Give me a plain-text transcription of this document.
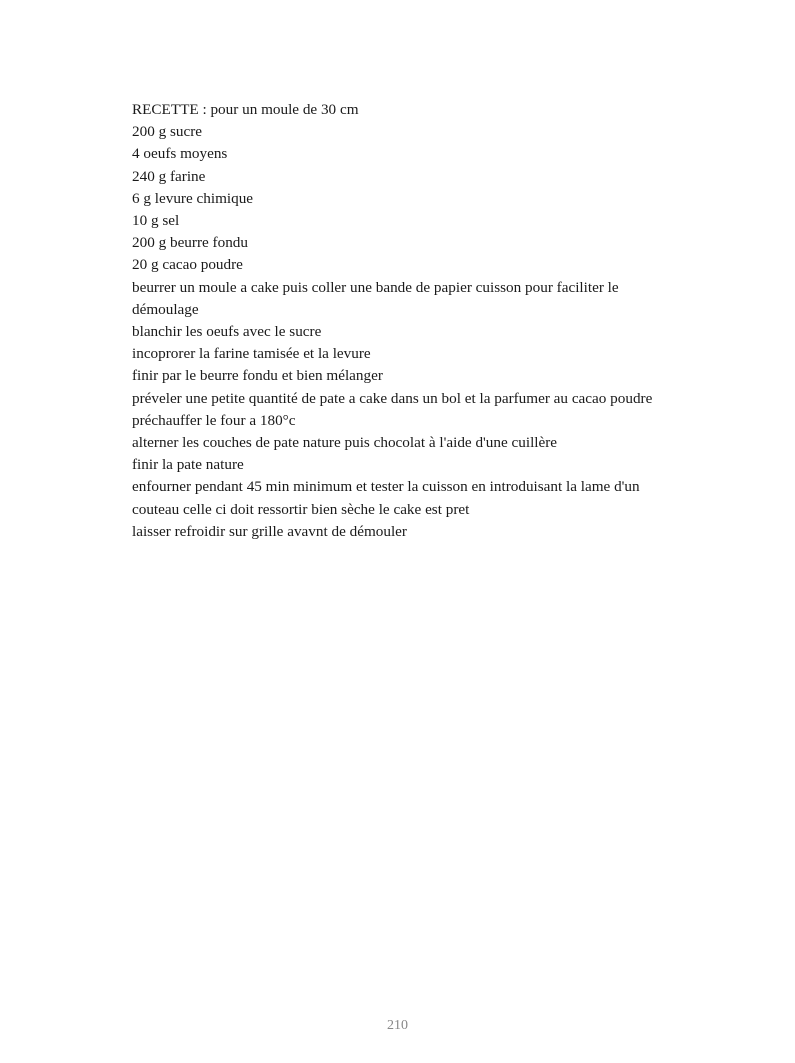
RECETTE : pour un moule de 30 cm
200 g sucre
4 oeufs moyens
240 g farine
6 g levure chimique
10 g sel
200 g beurre fondu
20 g cacao poudre
beurrer un moule a cake puis coller une bande de papier cuisson pour faciliter le démoulage
blanchir les oeufs avec le sucre
incoprorer la farine tamisée et la levure
finir par le beurre fondu et bien mélanger
préveler une petite quantité de pate a cake dans un bol et la parfumer au cacao poudre
préchauffer le four a 180°c
alterner les couches de pate nature puis chocolat à l'aide d'une cuillère
finir la pate nature
enfourner pendant 45 min minimum et tester la cuisson en introduisant la lame d'un couteau celle ci doit ressortir bien sèche le cake est pret
laisser refroidir sur grille avavnt de démouler
210
